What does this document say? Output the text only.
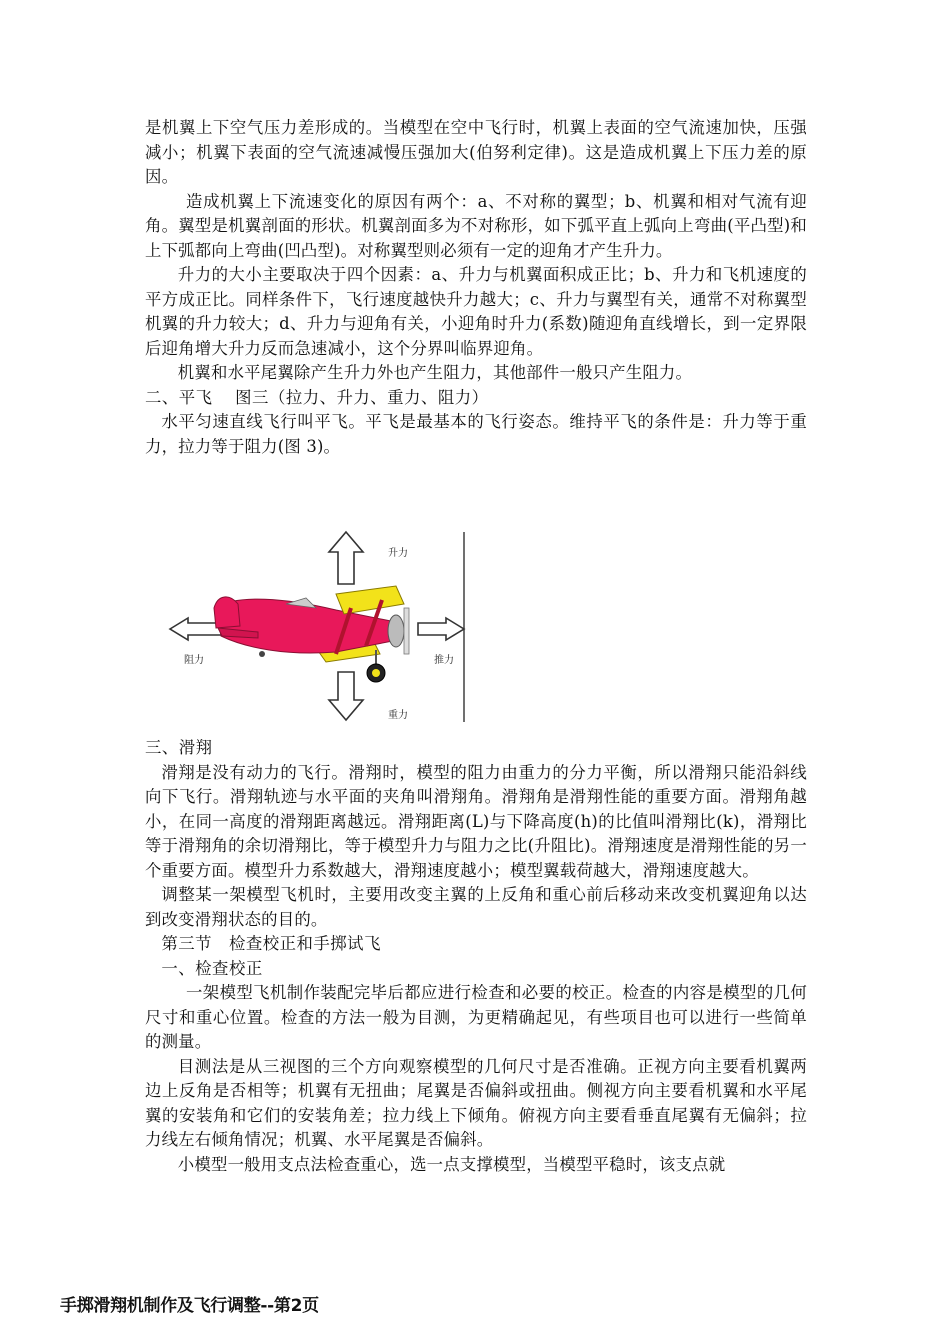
是机翼上下空气压力差形成的。当模型在空中飞行时，机翼上表面的空气流速加快，压强减小；机翼下表面的空气流速减慢压强加大(伯努利定律)。这是造成机翼上下压力差的原因。

造成机翼上下流速变化的原因有两个：a、不对称的翼型；b、机翼和相对气流有迎角。翼型是机翼剖面的形状。机翼剖面多为不对称形，如下弧平直上弧向上弯曲(平凸型)和上下弧都向上弯曲(凹凸型)。对称翼型则必须有一定的迎角才产生升力。

升力的大小主要取决于四个因素：a、升力与机翼面积成正比；b、升力和飞机速度的平方成正比。同样条件下，飞行速度越快升力越大；c、升力与翼型有关，通常不对称翼型机翼的升力较大；d、升力与迎角有关，小迎角时升力(系数)随迎角直线增长，到一定界限后迎角增大升力反而急速减小，这个分界叫临界迎角。

机翼和水平尾翼除产生升力外也产生阻力，其他部件一般只产生阻力。

二、平飞　 图三（拉力、升力、重力、阻力）

水平匀速直线飞行叫平飞。平飞是最基本的飞行姿态。维持平飞的条件是：升力等于重力，拉力等于阻力(图 3)。

升力
阻力	推力
重力

三、滑翔

滑翔是没有动力的飞行。滑翔时，模型的阻力由重力的分力平衡，所以滑翔只能沿斜线向下飞行。滑翔轨迹与水平面的夹角叫滑翔角。滑翔角是滑翔性能的重要方面。滑翔角越小，在同一高度的滑翔距离越远。滑翔距离(L)与下降高度(h)的比值叫滑翔比(k)，滑翔比等于滑翔角的余切滑翔比，等于模型升力与阻力之比(升阻比)。滑翔速度是滑翔性能的另一个重要方面。模型升力系数越大，滑翔速度越小；模型翼载荷越大，滑翔速度越大。

调整某一架模型飞机时，主要用改变主翼的上反角和重心前后移动来改变机翼迎角以达到改变滑翔状态的目的。

第三节　检查校正和手掷试飞

一、检查校正

一架模型飞机制作装配完毕后都应进行检查和必要的校正。检查的内容是模型的几何尺寸和重心位置。检查的方法一般为目测，为更精确起见，有些项目也可以进行一些简单的测量。

目测法是从三视图的三个方向观察模型的几何尺寸是否准确。正视方向主要看机翼两边上反角是否相等；机翼有无扭曲；尾翼是否偏斜或扭曲。侧视方向主要看机翼和水平尾翼的安装角和它们的安装角差；拉力线上下倾角。俯视方向主要看垂直尾翼有无偏斜；拉力线左右倾角情况；机翼、水平尾翼是否偏斜。

小模型一般用支点法检查重心，选一点支撑模型，当模型平稳时，该支点就

手掷滑翔机制作及飞行调整--第2页
